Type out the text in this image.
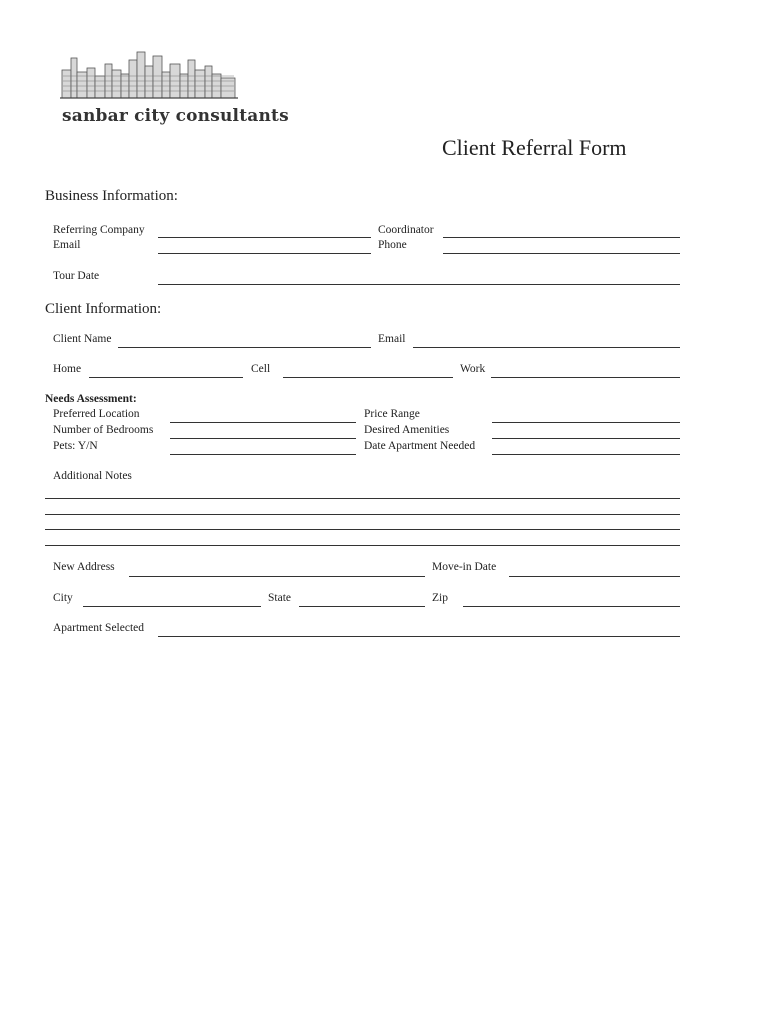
sanbar city consultants
Client Referral Form
Business Information:
Referring Company	Coordinator
Email	Phone
Tour Date
Client Information:
Client Name	Email
Home	Cell	Work
Needs Assessment:
Preferred Location	Price Range
Number of Bedrooms	Desired Amenities
Pets: Y/N	Date Apartment Needed
Additional Notes
New Address	Move-in Date
City	State	Zip
Apartment Selected
